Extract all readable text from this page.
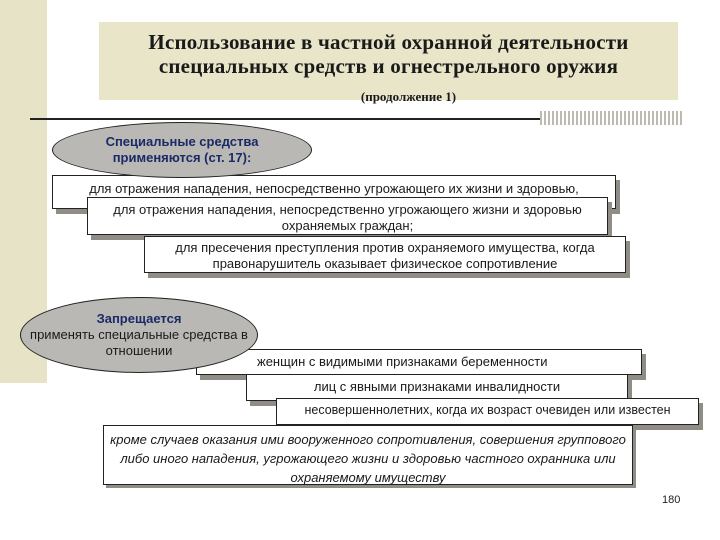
Использование в частной охранной деятельности специальных средств и огнестрельного оружия
(продолжение 1)
для отражения нападения, непосредственно угрожающего их жизни и здоровью,
для отражения нападения, непосредственно угрожающего жизни и здоровью охраняемых граждан;
для пресечения преступления против охраняемого имущества, когда правонарушитель оказывает физическое сопротивление
Специальные средства применяются (ст. 17):
женщин с видимыми признаками беременности
лиц с явными признаками инвалидности
несовершеннолетних, когда их возраст очевиден или известен
Запрещается
применять специальные средства в отношении
кроме случаев оказания ими вооруженного сопротивления, совершения группового либо иного нападения, угрожающего жизни и здоровью частного охранника или охраняемому имуществу
180
